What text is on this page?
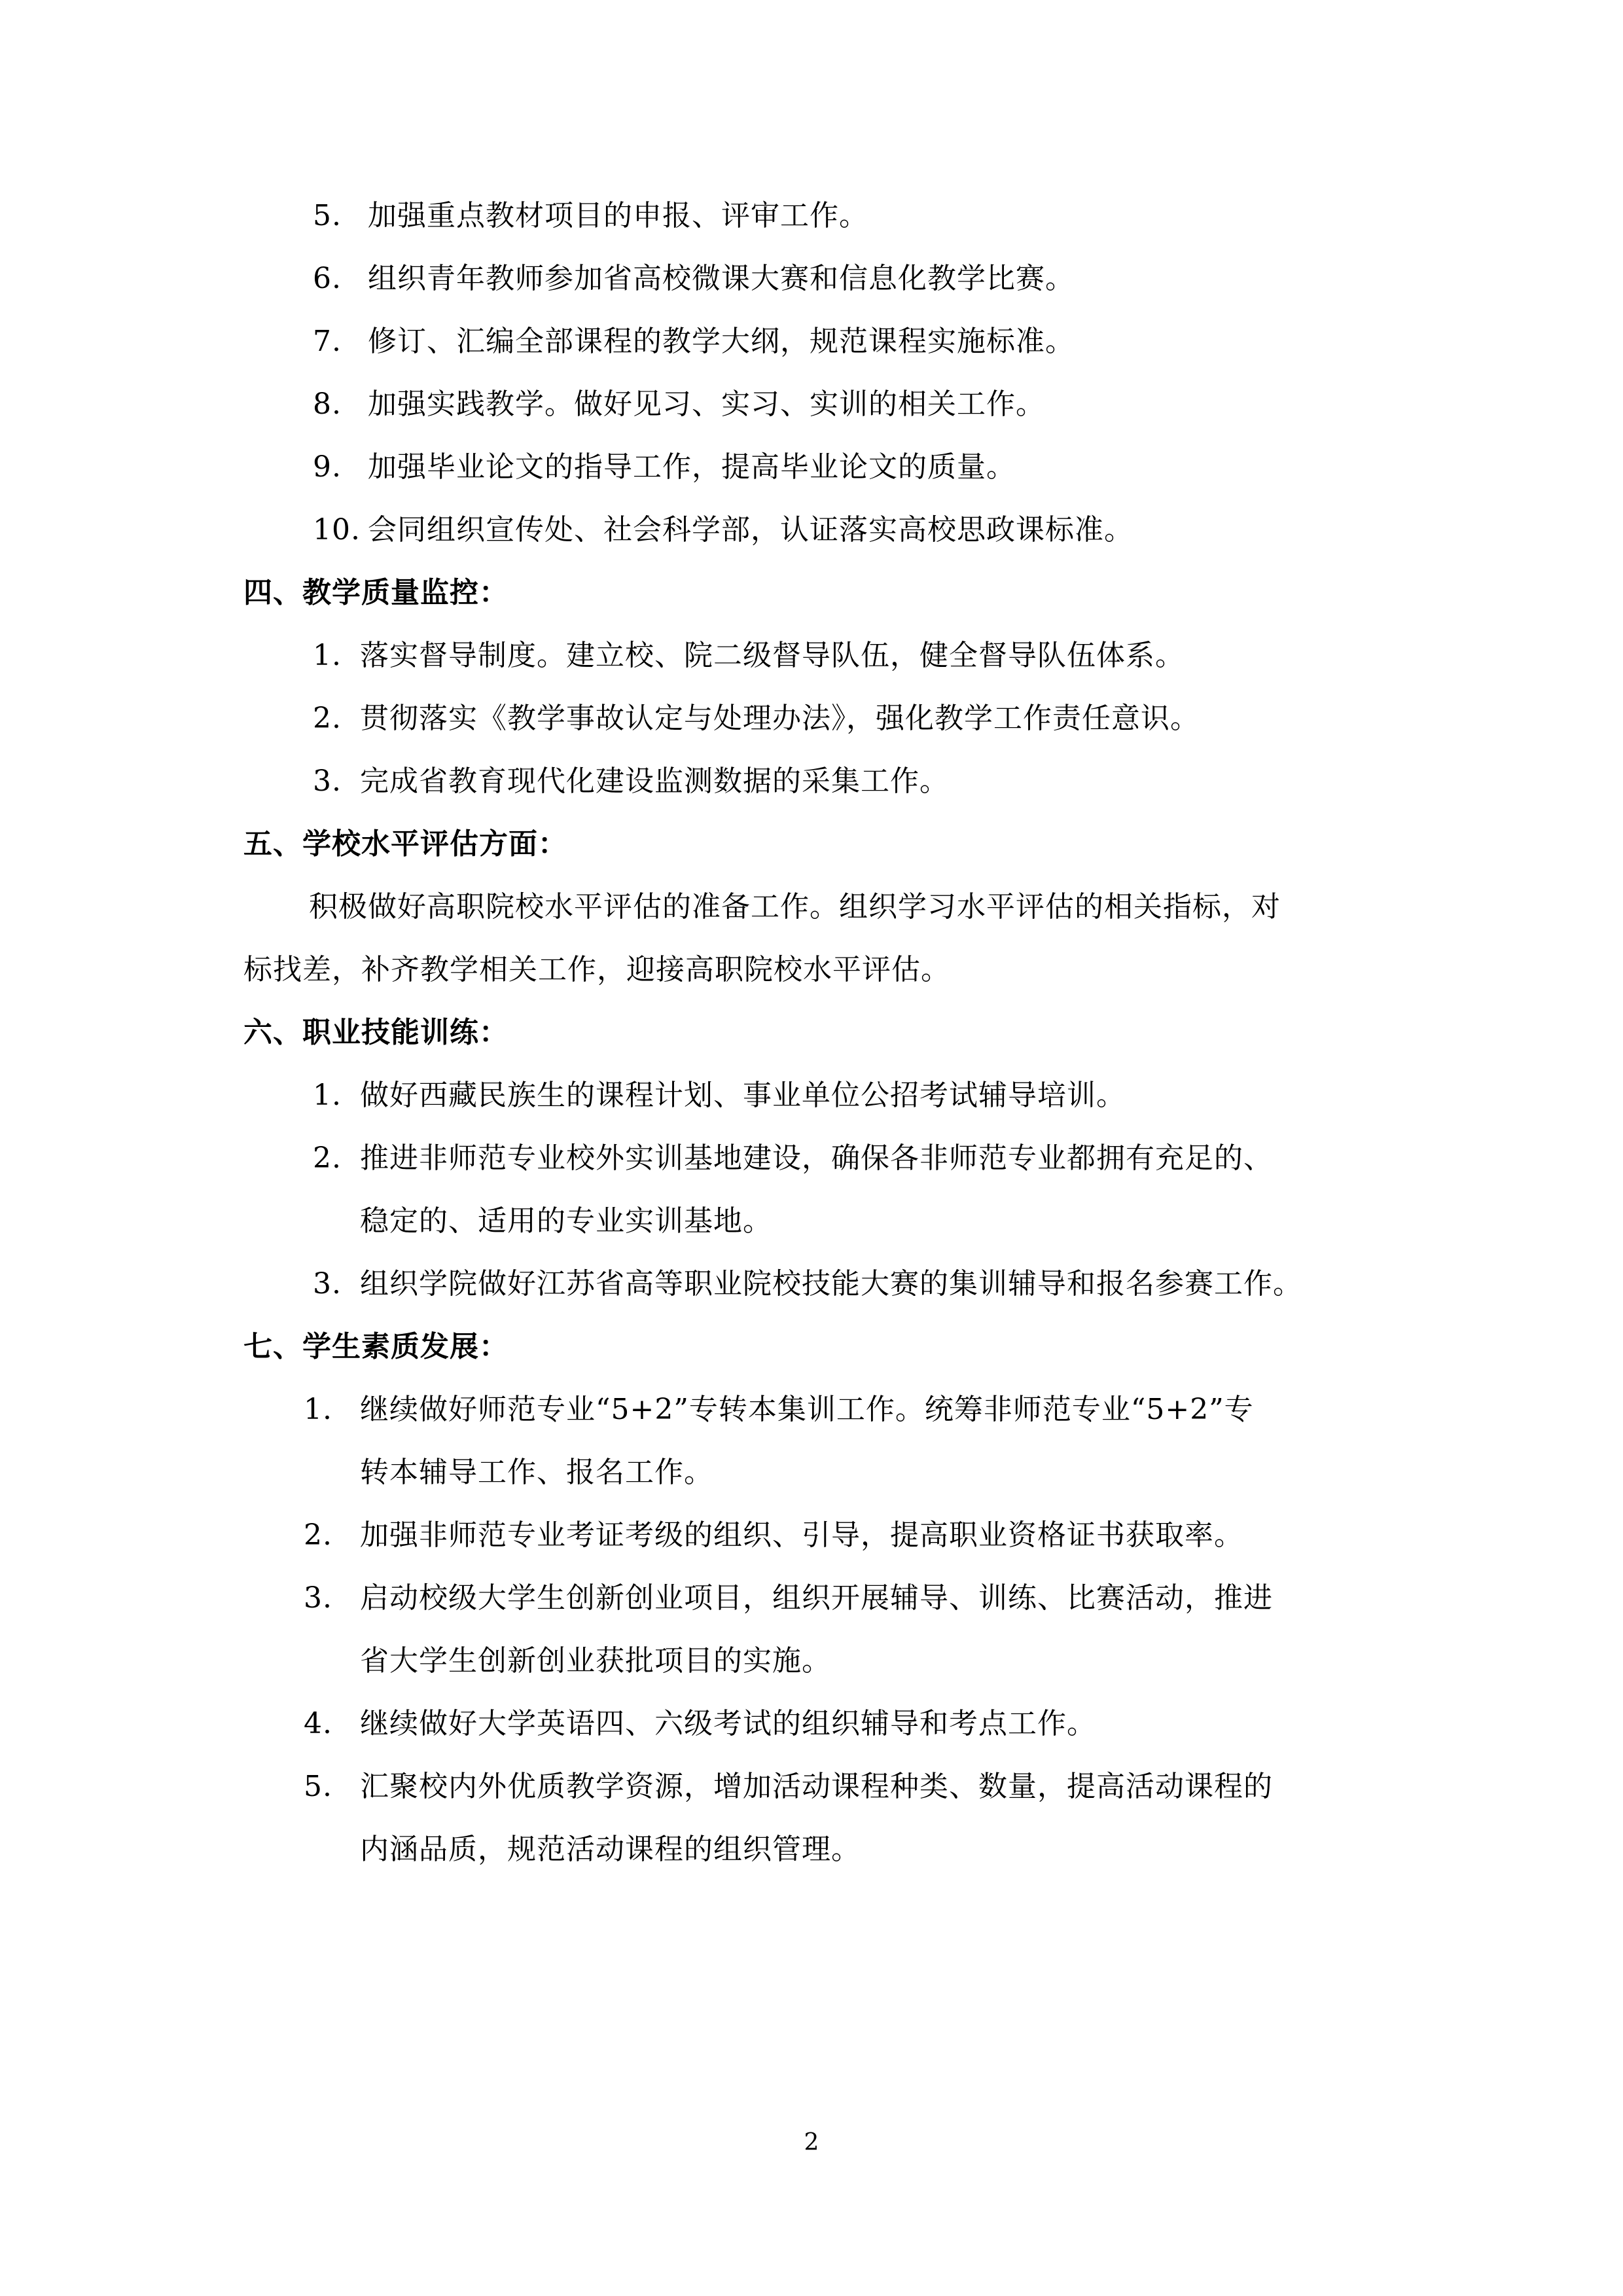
5. 加强重点教材项目的申报、评审工作。
6. 组织青年教师参加省高校微课大赛和信息化教学比赛。
7. 修订、汇编全部课程的教学大纲，规范课程实施标准。
8. 加强实践教学。做好见习、实习、实训的相关工作。
9. 加强毕业论文的指导工作，提高毕业论文的质量。
10. 会同组织宣传处、社会科学部，认证落实高校思政课标准。
四、教学质量监控：
1. 落实督导制度。建立校、院二级督导队伍，健全督导队伍体系。
2. 贯彻落实《教学事故认定与处理办法》，强化教学工作责任意识。
3. 完成省教育现代化建设监测数据的采集工作。
五、学校水平评估方面：
积极做好高职院校水平评估的准备工作。组织学习水平评估的相关指标，对
标找差，补齐教学相关工作，迎接高职院校水平评估。
六、职业技能训练：
1. 做好西藏民族生的课程计划、事业单位公招考试辅导培训。
2. 推进非师范专业校外实训基地建设，确保各非师范专业都拥有充足的、
稳定的、适用的专业实训基地。
3. 组织学院做好江苏省高等职业院校技能大赛的集训辅导和报名参赛工作。
七、学生素质发展：
1. 继续做好师范专业“5+2”专转本集训工作。统筹非师范专业“5+2”专
转本辅导工作、报名工作。
2. 加强非师范专业考证考级的组织、引导，提高职业资格证书获取率。
3. 启动校级大学生创新创业项目，组织开展辅导、训练、比赛活动，推进
省大学生创新创业获批项目的实施。
4. 继续做好大学英语四、六级考试的组织辅导和考点工作。
5. 汇聚校内外优质教学资源，增加活动课程种类、数量，提高活动课程的
内涵品质，规范活动课程的组织管理。
2
